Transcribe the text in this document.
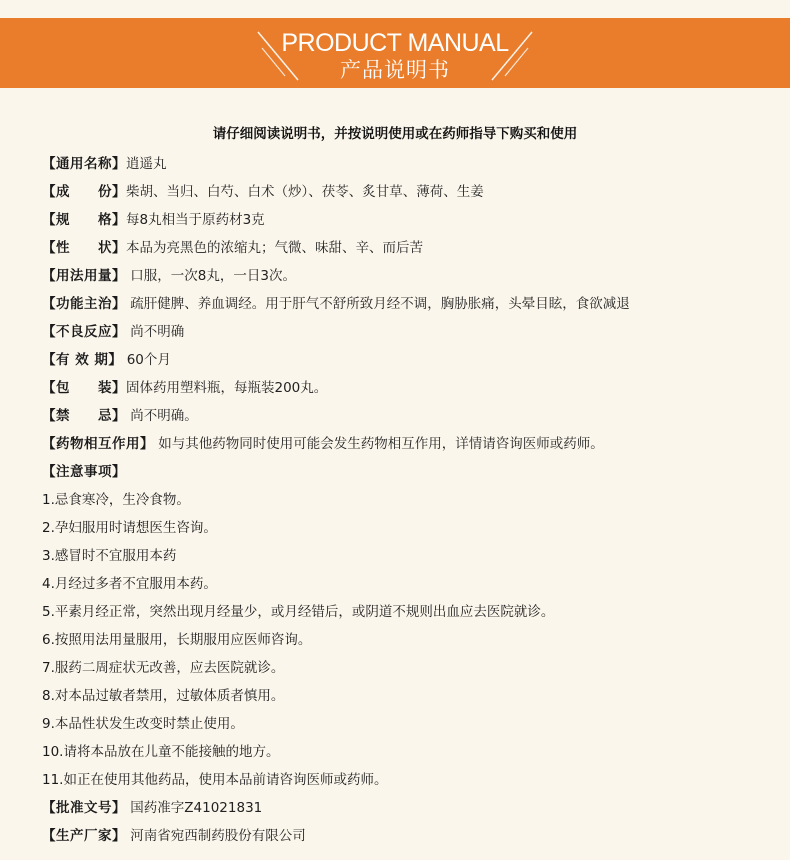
PRODUCT MANUAL
产品说明书
请仔细阅读说明书，并按说明使用或在药师指导下购买和使用
【通用名称】逍遥丸
【成　　份】柴胡、当归、白芍、白术（炒）、茯苓、炙甘草、薄荷、生姜
【规　　格】每8丸相当于原药材3克
【性　　状】本品为亮黑色的浓缩丸；气微、味甜、辛、而后苦
【用法用量】 口服，一次8丸，一日3次。
【功能主治】 疏肝健脾、养血调经。用于肝气不舒所致月经不调，胸胁胀痛，头晕目眩，食欲减退
【不良反应】 尚不明确
【有 效 期】 60个月
【包　　装】固体药用塑料瓶，每瓶装200丸。
【禁　　忌】 尚不明确。
【药物相互作用】 如与其他药物同时使用可能会发生药物相互作用，详情请咨询医师或药师。
【注意事项】
1.忌食寒冷，生冷食物。
2.孕妇服用时请想医生咨询。
3.感冒时不宜服用本药
4.月经过多者不宜服用本药。
5.平素月经正常，突然出现月经量少，或月经错后，或阴道不规则出血应去医院就诊。
6.按照用法用量服用，长期服用应医师咨询。
7.服药二周症状无改善，应去医院就诊。
8.对本品过敏者禁用，过敏体质者慎用。
9.本品性状发生改变时禁止使用。
10.请将本品放在儿童不能接触的地方。
11.如正在使用其他药品，使用本品前请咨询医师或药师。
【批准文号】 国药准字Z41021831
【生产厂家】 河南省宛西制药股份有限公司
